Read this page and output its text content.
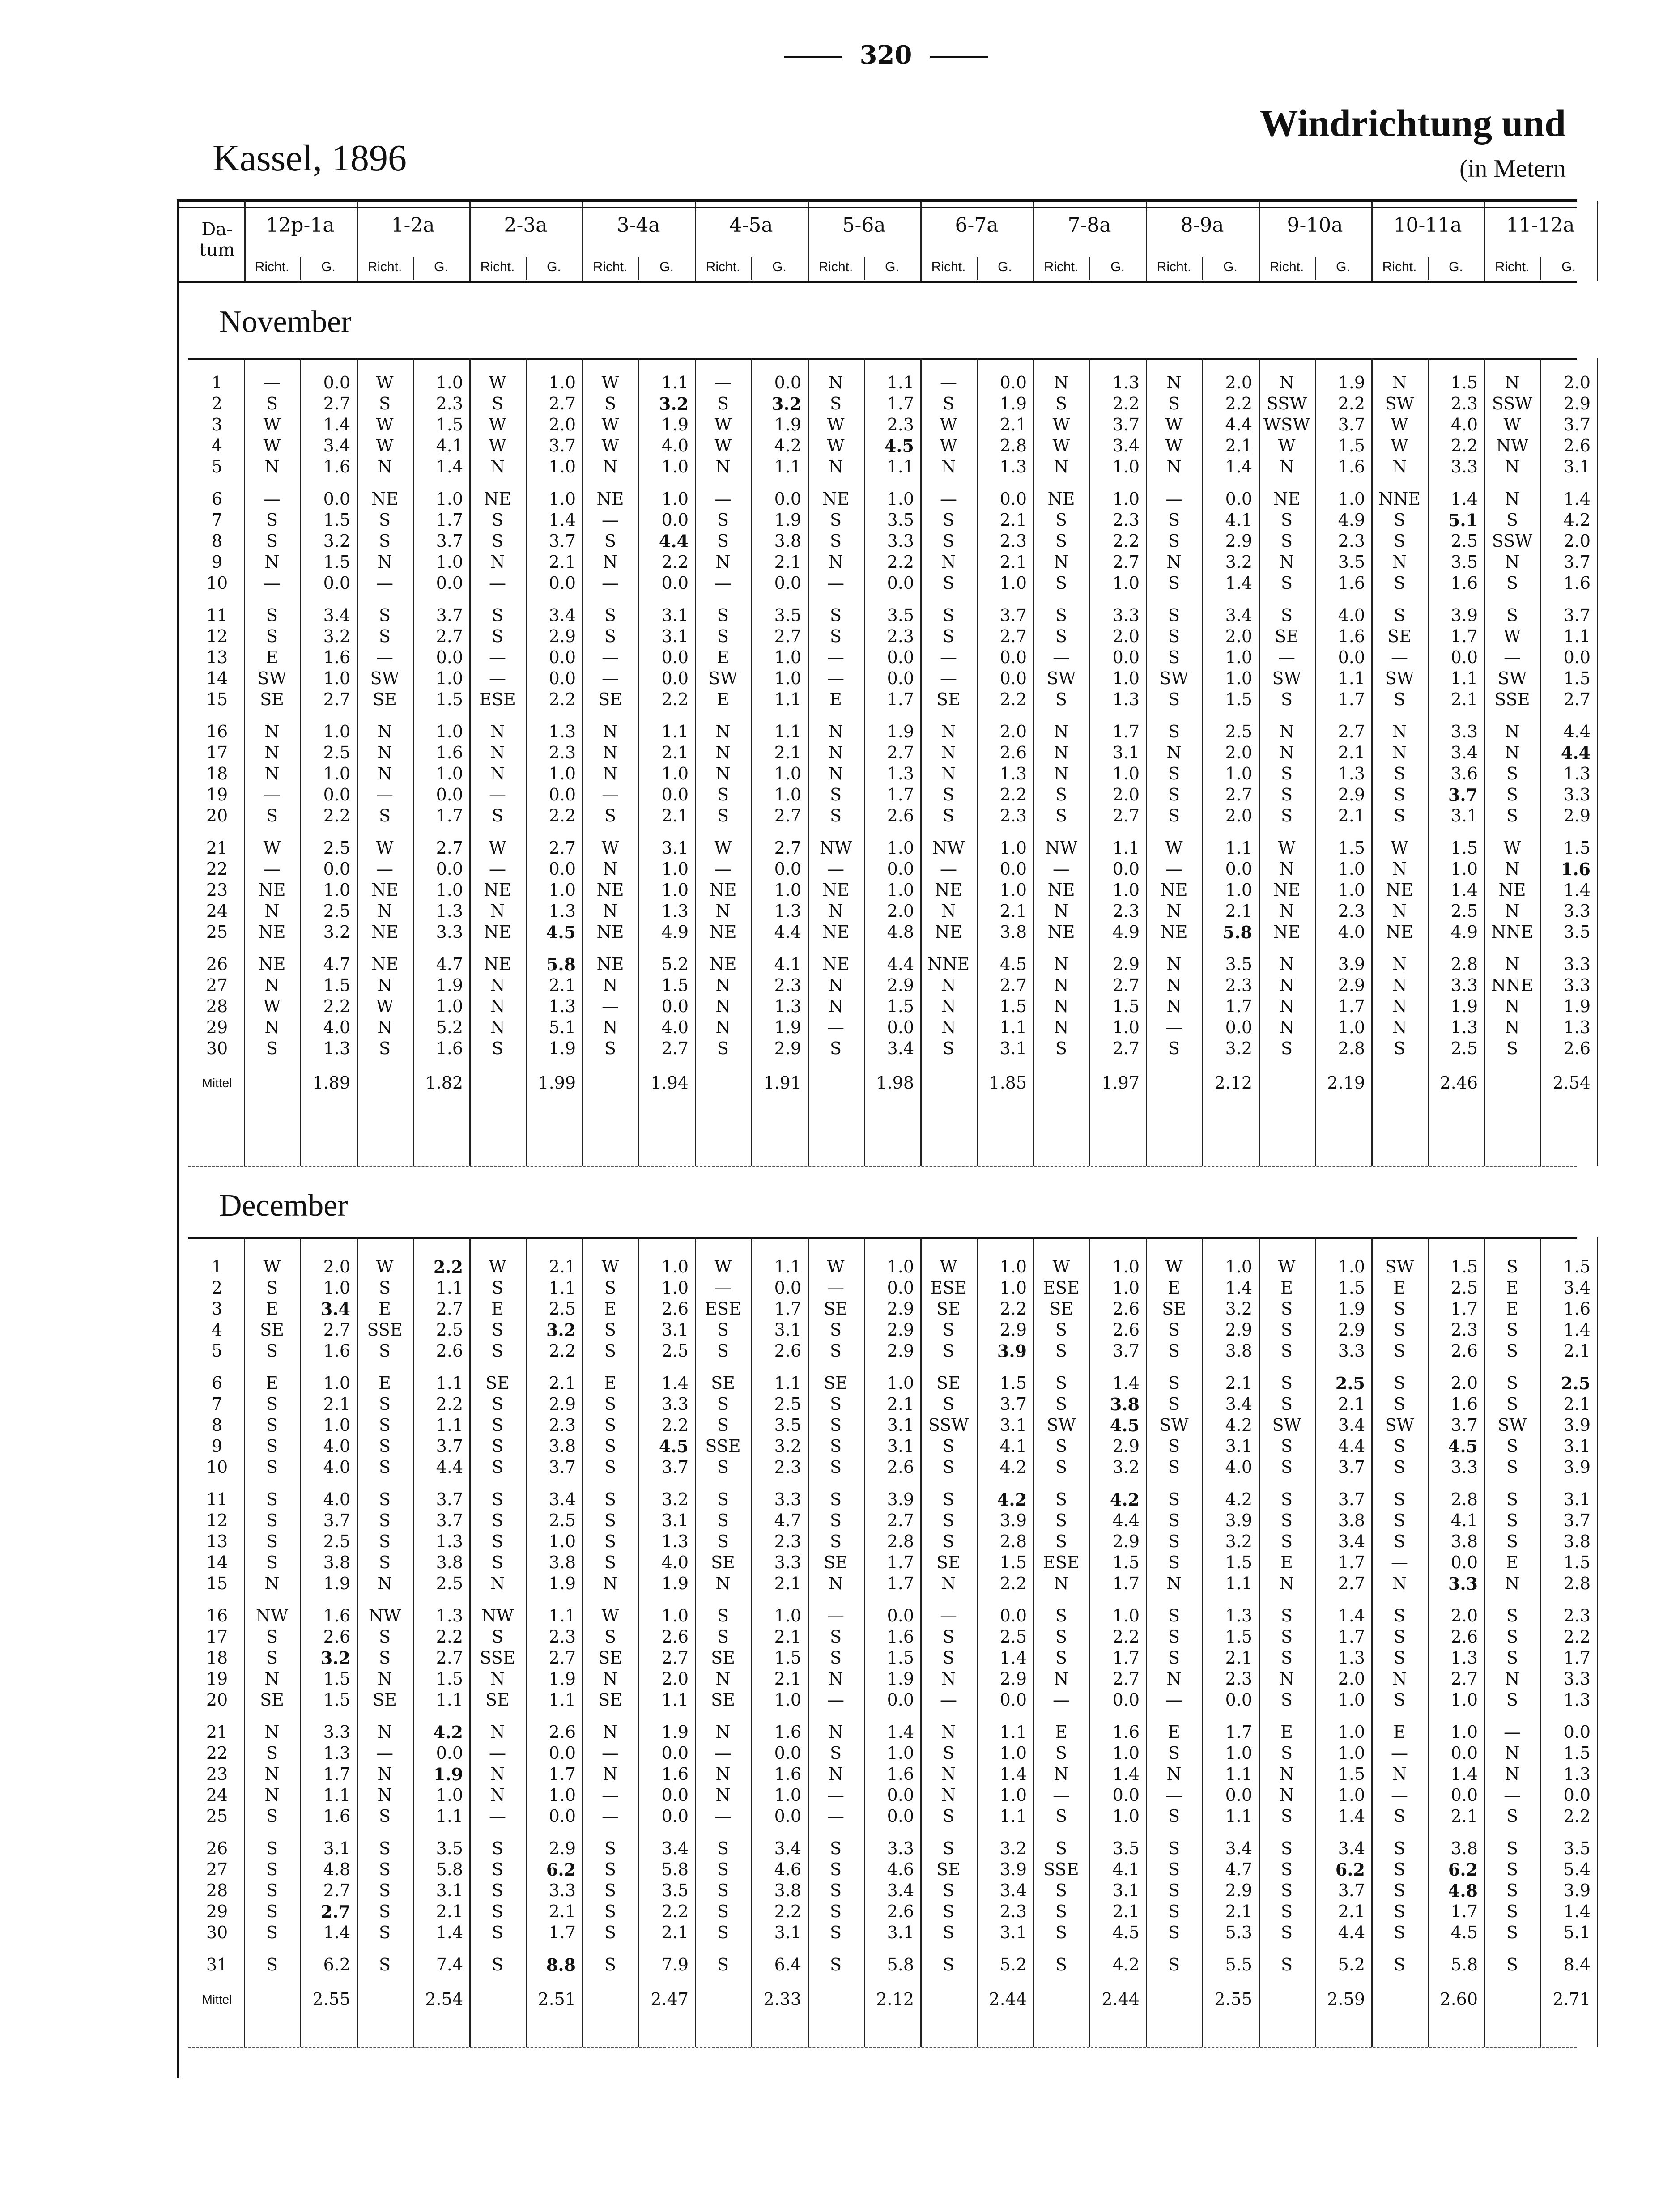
320
Kassel, 1896
Windrichtung und
(in Metern
Da- tum
12p-1a
Richt.	G.
1-2a
Richt.	G.
2-3a
Richt.	G.
3-4a
Richt.	G.
4-5a
Richt.	G.
5-6a
Richt.	G.
6-7a
Richt.	G.
7-8a
Richt.	G.
8-9a
Richt.	G.
9-10a
Richt.	G.
10-11a
Richt.	G.
11-12a
Richt.	G.
November
1	—	0.0	W	1.0	W	1.0	W	1.1	—	0.0	N	1.1	—	0.0	N	1.3	N	2.0	N	1.9	N	1.5	N	2.0
2	S	2.7	S	2.3	S	2.7	S	3.2	S	3.2	S	1.7	S	1.9	S	2.2	S	2.2	SSW	2.2	SW	2.3	SSW	2.9
3	W	1.4	W	1.5	W	2.0	W	1.9	W	1.9	W	2.3	W	2.1	W	3.7	W	4.4	WSW	3.7	W	4.0	W	3.7
4	W	3.4	W	4.1	W	3.7	W	4.0	W	4.2	W	4.5	W	2.8	W	3.4	W	2.1	W	1.5	W	2.2	NW	2.6
5	N	1.6	N	1.4	N	1.0	N	1.0	N	1.1	N	1.1	N	1.3	N	1.0	N	1.4	N	1.6	N	3.3	N	3.1
6	—	0.0	NE	1.0	NE	1.0	NE	1.0	—	0.0	NE	1.0	—	0.0	NE	1.0	—	0.0	NE	1.0	NNE	1.4	N	1.4
7	S	1.5	S	1.7	S	1.4	—	0.0	S	1.9	S	3.5	S	2.1	S	2.3	S	4.1	S	4.9	S	5.1	S	4.2
8	S	3.2	S	3.7	S	3.7	S	4.4	S	3.8	S	3.3	S	2.3	S	2.2	S	2.9	S	2.3	S	2.5	SSW	2.0
9	N	1.5	N	1.0	N	2.1	N	2.2	N	2.1	N	2.2	N	2.1	N	2.7	N	3.2	N	3.5	N	3.5	N	3.7
10	—	0.0	—	0.0	—	0.0	—	0.0	—	0.0	—	0.0	S	1.0	S	1.0	S	1.4	S	1.6	S	1.6	S	1.6
11	S	3.4	S	3.7	S	3.4	S	3.1	S	3.5	S	3.5	S	3.7	S	3.3	S	3.4	S	4.0	S	3.9	S	3.7
12	S	3.2	S	2.7	S	2.9	S	3.1	S	2.7	S	2.3	S	2.7	S	2.0	S	2.0	SE	1.6	SE	1.7	W	1.1
13	E	1.6	—	0.0	—	0.0	—	0.0	E	1.0	—	0.0	—	0.0	—	0.0	S	1.0	—	0.0	—	0.0	—	0.0
14	SW	1.0	SW	1.0	—	0.0	—	0.0	SW	1.0	—	0.0	—	0.0	SW	1.0	SW	1.0	SW	1.1	SW	1.1	SW	1.5
15	SE	2.7	SE	1.5	ESE	2.2	SE	2.2	E	1.1	E	1.7	SE	2.2	S	1.3	S	1.5	S	1.7	S	2.1	SSE	2.7
16	N	1.0	N	1.0	N	1.3	N	1.1	N	1.1	N	1.9	N	2.0	N	1.7	S	2.5	N	2.7	N	3.3	N	4.4
17	N	2.5	N	1.6	N	2.3	N	2.1	N	2.1	N	2.7	N	2.6	N	3.1	N	2.0	N	2.1	N	3.4	N	4.4
18	N	1.0	N	1.0	N	1.0	N	1.0	N	1.0	N	1.3	N	1.3	N	1.0	S	1.0	S	1.3	S	3.6	S	1.3
19	—	0.0	—	0.0	—	0.0	—	0.0	S	1.0	S	1.7	S	2.2	S	2.0	S	2.7	S	2.9	S	3.7	S	3.3
20	S	2.2	S	1.7	S	2.2	S	2.1	S	2.7	S	2.6	S	2.3	S	2.7	S	2.0	S	2.1	S	3.1	S	2.9
21	W	2.5	W	2.7	W	2.7	W	3.1	W	2.7	NW	1.0	NW	1.0	NW	1.1	W	1.1	W	1.5	W	1.5	W	1.5
22	—	0.0	—	0.0	—	0.0	N	1.0	—	0.0	—	0.0	—	0.0	—	0.0	—	0.0	N	1.0	N	1.0	N	1.6
23	NE	1.0	NE	1.0	NE	1.0	NE	1.0	NE	1.0	NE	1.0	NE	1.0	NE	1.0	NE	1.0	NE	1.0	NE	1.4	NE	1.4
24	N	2.5	N	1.3	N	1.3	N	1.3	N	1.3	N	2.0	N	2.1	N	2.3	N	2.1	N	2.3	N	2.5	N	3.3
25	NE	3.2	NE	3.3	NE	4.5	NE	4.9	NE	4.4	NE	4.8	NE	3.8	NE	4.9	NE	5.8	NE	4.0	NE	4.9	NNE	3.5
26	NE	4.7	NE	4.7	NE	5.8	NE	5.2	NE	4.1	NE	4.4	NNE	4.5	N	2.9	N	3.5	N	3.9	N	2.8	N	3.3
27	N	1.5	N	1.9	N	2.1	N	1.5	N	2.3	N	2.9	N	2.7	N	2.7	N	2.3	N	2.9	N	3.3	NNE	3.3
28	W	2.2	W	1.0	N	1.3	—	0.0	N	1.3	N	1.5	N	1.5	N	1.5	N	1.7	N	1.7	N	1.9	N	1.9
29	N	4.0	N	5.2	N	5.1	N	4.0	N	1.9	—	0.0	N	1.1	N	1.0	—	0.0	N	1.0	N	1.3	N	1.3
30	S	1.3	S	1.6	S	1.9	S	2.7	S	2.9	S	3.4	S	3.1	S	2.7	S	3.2	S	2.8	S	2.5	S	2.6
Mittel		1.89		1.82		1.99		1.94		1.91		1.98		1.85		1.97		2.12		2.19		2.46		2.54
December
1	W	2.0	W	2.2	W	2.1	W	1.0	W	1.1	W	1.0	W	1.0	W	1.0	W	1.0	W	1.0	SW	1.5	S	1.5
2	S	1.0	S	1.1	S	1.1	S	1.0	—	0.0	—	0.0	ESE	1.0	ESE	1.0	E	1.4	E	1.5	E	2.5	E	3.4
3	E	3.4	E	2.7	E	2.5	E	2.6	ESE	1.7	SE	2.9	SE	2.2	SE	2.6	SE	3.2	S	1.9	S	1.7	E	1.6
4	SE	2.7	SSE	2.5	S	3.2	S	3.1	S	3.1	S	2.9	S	2.9	S	2.6	S	2.9	S	2.9	S	2.3	S	1.4
5	S	1.6	S	2.6	S	2.2	S	2.5	S	2.6	S	2.9	S	3.9	S	3.7	S	3.8	S	3.3	S	2.6	S	2.1
6	E	1.0	E	1.1	SE	2.1	E	1.4	SE	1.1	SE	1.0	SE	1.5	S	1.4	S	2.1	S	2.5	S	2.0	S	2.5
7	S	2.1	S	2.2	S	2.9	S	3.3	S	2.5	S	2.1	S	3.7	S	3.8	S	3.4	S	2.1	S	1.6	S	2.1
8	S	1.0	S	1.1	S	2.3	S	2.2	S	3.5	S	3.1	SSW	3.1	SW	4.5	SW	4.2	SW	3.4	SW	3.7	SW	3.9
9	S	4.0	S	3.7	S	3.8	S	4.5	SSE	3.2	S	3.1	S	4.1	S	2.9	S	3.1	S	4.4	S	4.5	S	3.1
10	S	4.0	S	4.4	S	3.7	S	3.7	S	2.3	S	2.6	S	4.2	S	3.2	S	4.0	S	3.7	S	3.3	S	3.9
11	S	4.0	S	3.7	S	3.4	S	3.2	S	3.3	S	3.9	S	4.2	S	4.2	S	4.2	S	3.7	S	2.8	S	3.1
12	S	3.7	S	3.7	S	2.5	S	3.1	S	4.7	S	2.7	S	3.9	S	4.4	S	3.9	S	3.8	S	4.1	S	3.7
13	S	2.5	S	1.3	S	1.0	S	1.3	S	2.3	S	2.8	S	2.8	S	2.9	S	3.2	S	3.4	S	3.8	S	3.8
14	S	3.8	S	3.8	S	3.8	S	4.0	SE	3.3	SE	1.7	SE	1.5	ESE	1.5	S	1.5	E	1.7	—	0.0	E	1.5
15	N	1.9	N	2.5	N	1.9	N	1.9	N	2.1	N	1.7	N	2.2	N	1.7	N	1.1	N	2.7	N	3.3	N	2.8
16	NW	1.6	NW	1.3	NW	1.1	W	1.0	S	1.0	—	0.0	—	0.0	S	1.0	S	1.3	S	1.4	S	2.0	S	2.3
17	S	2.6	S	2.2	S	2.3	S	2.6	S	2.1	S	1.6	S	2.5	S	2.2	S	1.5	S	1.7	S	2.6	S	2.2
18	S	3.2	S	2.7	SSE	2.7	SE	2.7	SE	1.5	S	1.5	S	1.4	S	1.7	S	2.1	S	1.3	S	1.3	S	1.7
19	N	1.5	N	1.5	N	1.9	N	2.0	N	2.1	N	1.9	N	2.9	N	2.7	N	2.3	N	2.0	N	2.7	N	3.3
20	SE	1.5	SE	1.1	SE	1.1	SE	1.1	SE	1.0	—	0.0	—	0.0	—	0.0	—	0.0	S	1.0	S	1.0	S	1.3
21	N	3.3	N	4.2	N	2.6	N	1.9	N	1.6	N	1.4	N	1.1	E	1.6	E	1.7	E	1.0	E	1.0	—	0.0
22	S	1.3	—	0.0	—	0.0	—	0.0	—	0.0	S	1.0	S	1.0	S	1.0	S	1.0	S	1.0	—	0.0	N	1.5
23	N	1.7	N	1.9	N	1.7	N	1.6	N	1.6	N	1.6	N	1.4	N	1.4	N	1.1	N	1.5	N	1.4	N	1.3
24	N	1.1	N	1.0	N	1.0	—	0.0	N	1.0	—	0.0	N	1.0	—	0.0	—	0.0	N	1.0	—	0.0	—	0.0
25	S	1.6	S	1.1	—	0.0	—	0.0	—	0.0	—	0.0	S	1.1	S	1.0	S	1.1	S	1.4	S	2.1	S	2.2
26	S	3.1	S	3.5	S	2.9	S	3.4	S	3.4	S	3.3	S	3.2	S	3.5	S	3.4	S	3.4	S	3.8	S	3.5
27	S	4.8	S	5.8	S	6.2	S	5.8	S	4.6	S	4.6	SE	3.9	SSE	4.1	S	4.7	S	6.2	S	6.2	S	5.4
28	S	2.7	S	3.1	S	3.3	S	3.5	S	3.8	S	3.4	S	3.4	S	3.1	S	2.9	S	3.7	S	4.8	S	3.9
29	S	2.7	S	2.1	S	2.1	S	2.2	S	2.2	S	2.6	S	2.3	S	2.1	S	2.1	S	2.1	S	1.7	S	1.4
30	S	1.4	S	1.4	S	1.7	S	2.1	S	3.1	S	3.1	S	3.1	S	4.5	S	5.3	S	4.4	S	4.5	S	5.1
31	S	6.2	S	7.4	S	8.8	S	7.9	S	6.4	S	5.8	S	5.2	S	4.2	S	5.5	S	5.2	S	5.8	S	8.4
Mittel		2.55		2.54		2.51		2.47		2.33		2.12		2.44		2.44		2.55		2.59		2.60		2.71
